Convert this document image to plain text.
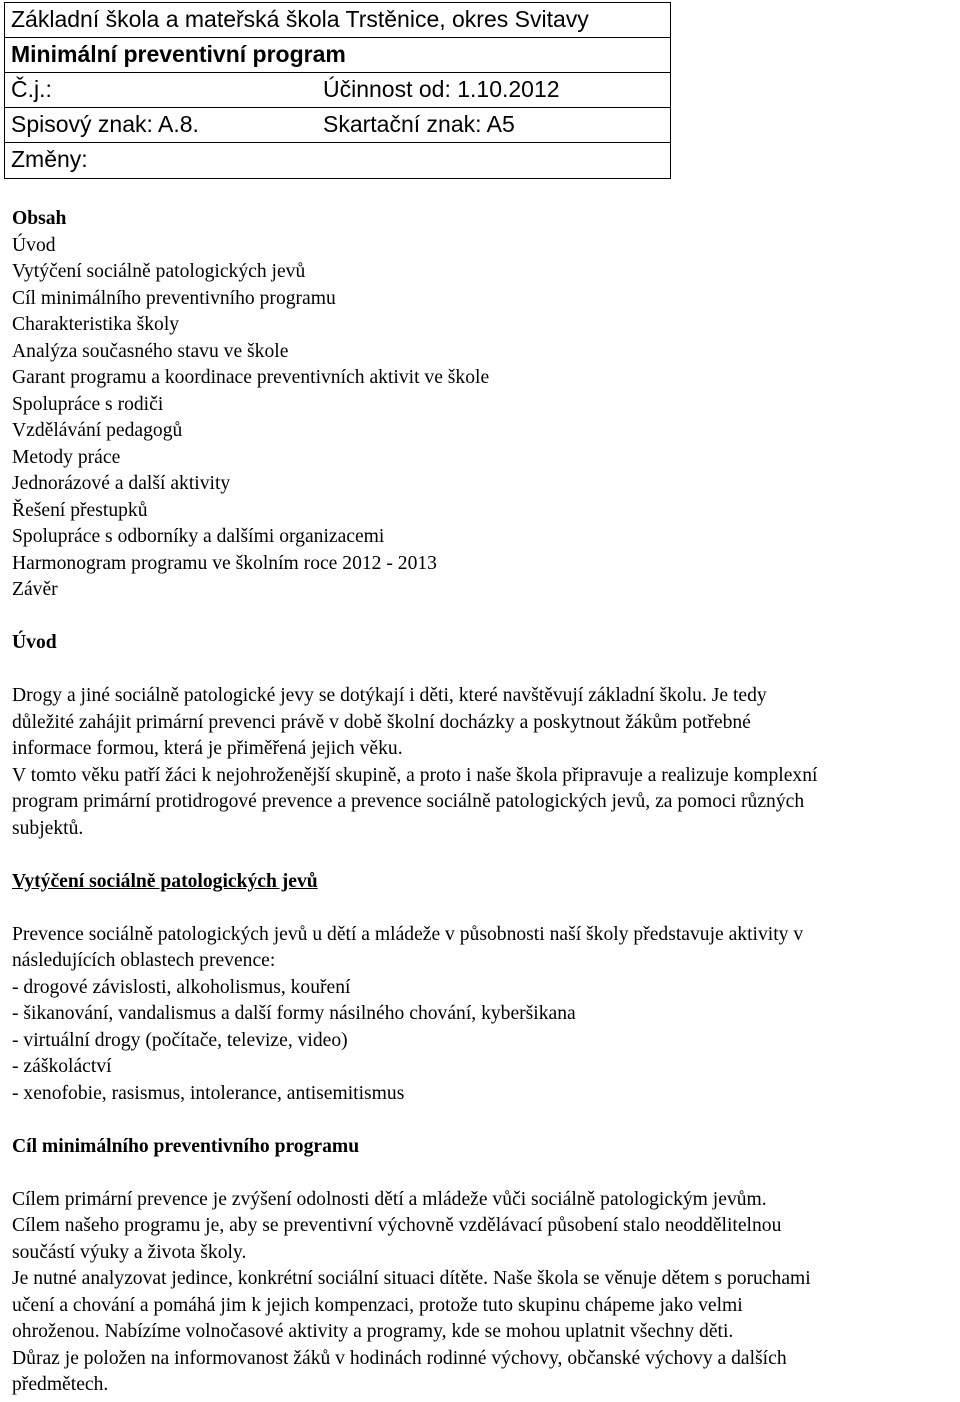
Základní škola a mateřská škola Trstěnice, okres Svitavy
Minimální preventivní program
Č.j.:	Účinnost od: 1.10.2012
Spisový znak: A.8.	Skartační znak: A5
Změny:

Obsah

Úvod

Vytýčení sociálně patologických jevů

Cíl minimálního preventivního programu

Charakteristika školy

Analýza současného stavu ve škole

Garant programu a koordinace preventivních aktivit ve škole

Spolupráce s rodiči

Vzdělávání pedagogů

Metody práce

Jednorázové a další aktivity

Řešení přestupků

Spolupráce s odborníky a dalšími organizacemi

Harmonogram programu ve školním roce 2012 - 2013

Závěr

Úvod

Drogy a jiné sociálně patologické jevy se dotýkají i děti, které navštěvují základní školu. Je tedy

důležité zahájit primární prevenci právě v době školní docházky a poskytnout žákům potřebné

informace formou, která je přiměřená jejich věku.

V tomto věku patří žáci k nejohroženější skupině, a proto i naše škola připravuje a realizuje komplexní

program primární protidrogové prevence a prevence sociálně patologických jevů, za pomoci různých

subjektů.

Vytýčení sociálně patologických jevů

Prevence sociálně patologických jevů u dětí a mládeže v působnosti naší školy představuje aktivity v

následujících oblastech prevence:

- drogové závislosti, alkoholismus, kouření

- šikanování, vandalismus a další formy násilného chování, kyberšikana

- virtuální drogy (počítače, televize, video)

- záškoláctví

- xenofobie, rasismus, intolerance, antisemitismus

Cíl minimálního preventivního programu

Cílem primární prevence je zvýšení odolnosti dětí a mládeže vůči sociálně patologickým jevům.

Cílem našeho programu je, aby se preventivní výchovně vzdělávací působení stalo neoddělitelnou

součástí výuky a života školy.

Je nutné analyzovat jedince, konkrétní sociální situaci dítěte. Naše škola se věnuje dětem s poruchami

učení a chování a pomáhá jim k jejich kompenzaci, protože tuto skupinu chápeme jako velmi

ohroženou. Nabízíme volnočasové aktivity a programy, kde se mohou uplatnit všechny děti.

Důraz je položen na informovanost žáků v hodinách rodinné výchovy, občanské výchovy a dalších

předmětech.
